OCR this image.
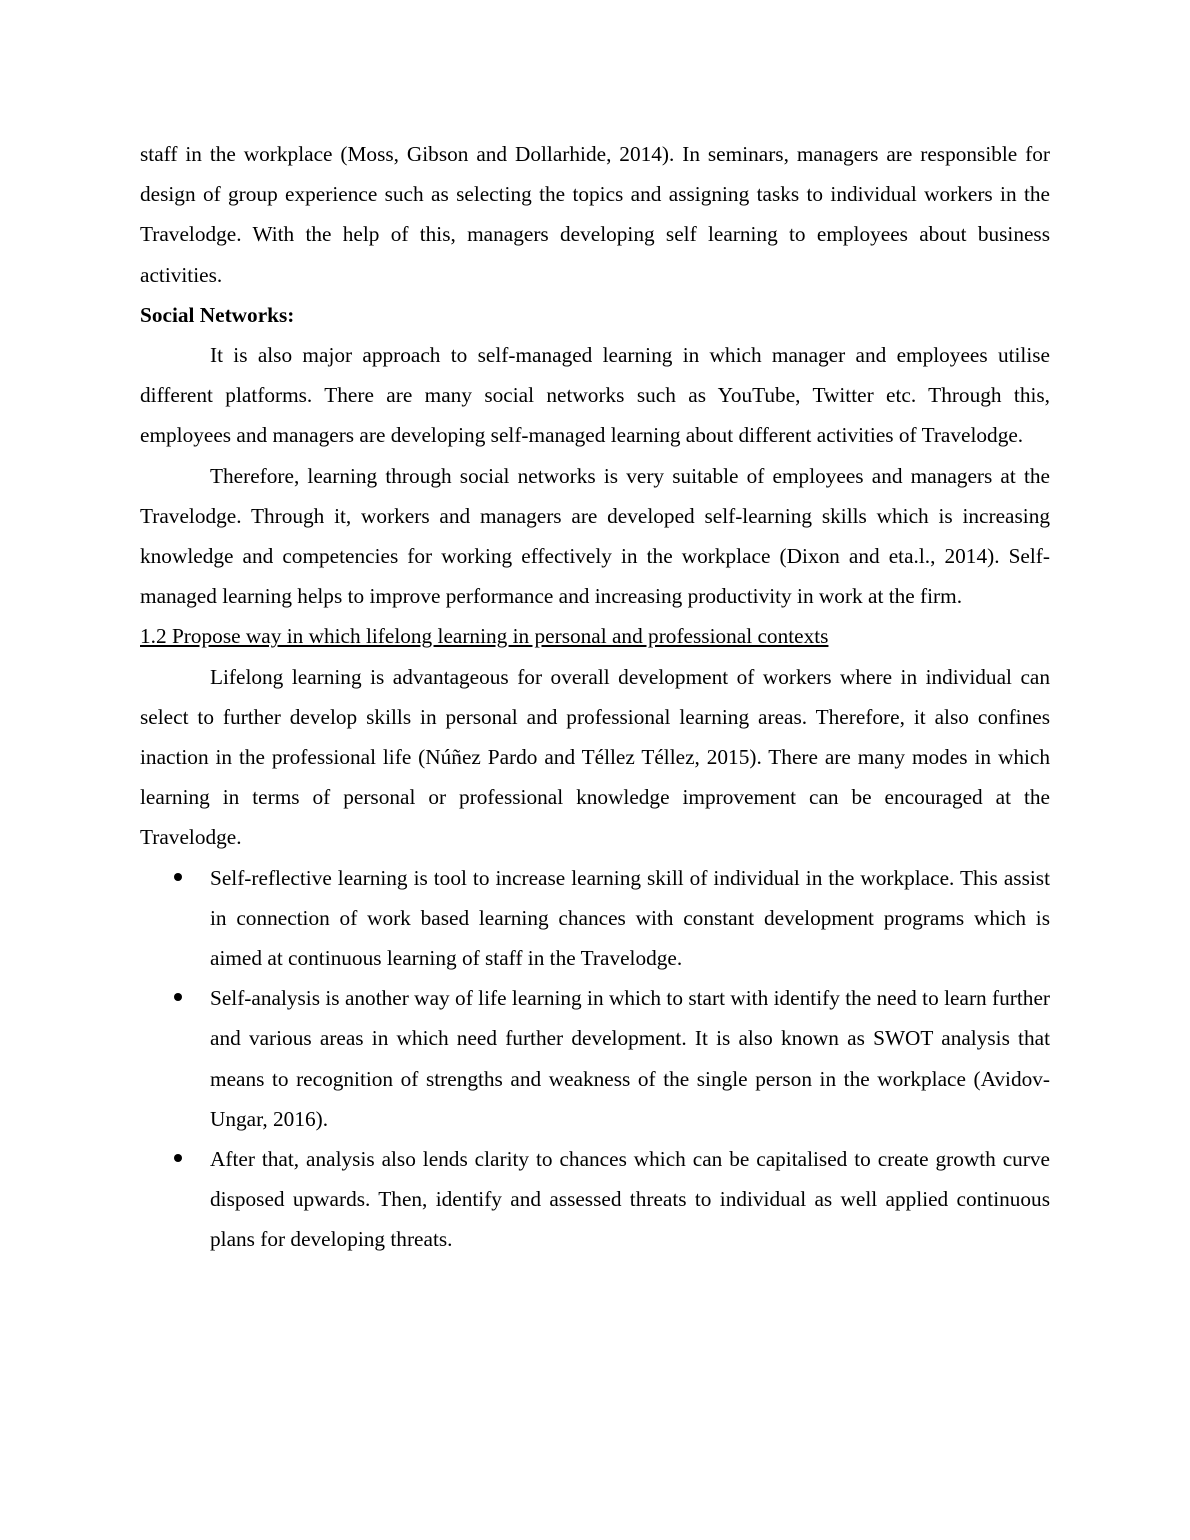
staff in the workplace (Moss, Gibson and Dollarhide, 2014). In seminars, managers are responsible for design of group experience such as selecting the topics and assigning tasks to individual workers in the Travelodge. With the help of this, managers developing self learning to employees about business activities.

Social Networks:

It is also major approach to self-managed learning in which manager and employees utilise different platforms. There are many social networks such as YouTube, Twitter etc. Through this, employees and managers are developing self-managed learning about different activities of Travelodge.

Therefore, learning through social networks is very suitable of employees and managers at the Travelodge. Through it, workers and managers are developed self-learning skills which is increasing knowledge and competencies for working effectively in the workplace (Dixon and eta.l., 2014). Self-managed learning helps to improve performance and increasing productivity in work at the firm.

1.2 Propose way in which lifelong learning in personal and professional contexts

Lifelong learning is advantageous for overall development of workers where in individual can select to further develop skills in personal and professional learning areas. Therefore, it also confines inaction in the professional life (Núñez Pardo and Téllez Téllez, 2015). There are many modes in which learning in terms of personal or professional knowledge improvement can be encouraged at the Travelodge.

Self-reflective learning is tool to increase learning skill of individual in the workplace. This assist in connection of work based learning chances with constant development programs which is aimed at continuous learning of staff in the Travelodge.
Self-analysis is another way of life learning in which to start with identify the need to learn further and various areas in which need further development. It is also known as SWOT analysis that means to recognition of strengths and weakness of the single person in the workplace (Avidov-Ungar, 2016).
After that, analysis also lends clarity to chances which can be capitalised to create growth curve disposed upwards. Then, identify and assessed threats to individual as well applied continuous plans for developing threats.
